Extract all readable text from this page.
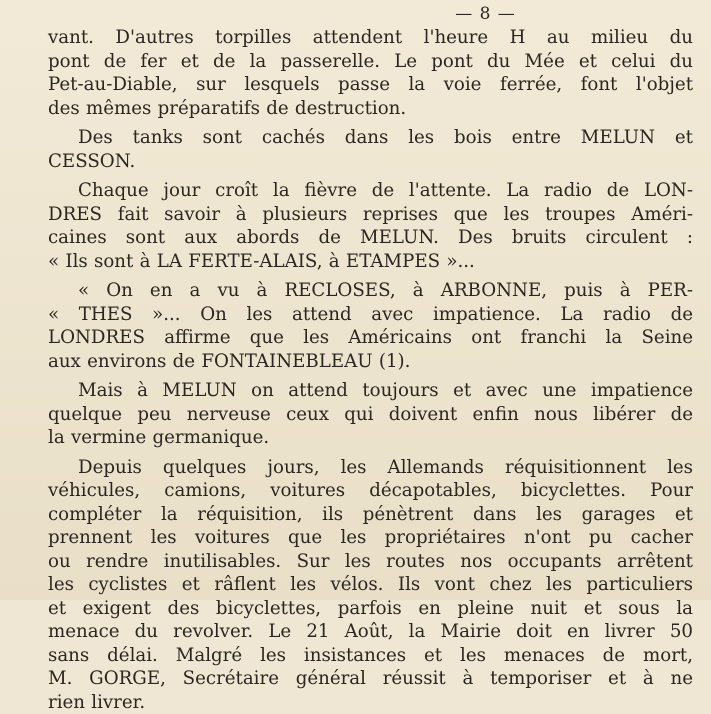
— 8 —
vant. D'autres torpilles attendent l'heure H au milieu du
pont de fer et de la passerelle. Le pont du Mée et celui du
Pet-au-Diable, sur lesquels passe la voie ferrée, font l'objet
des mêmes préparatifs de destruction.
Des tanks sont cachés dans les bois entre MELUN et
CESSON.
Chaque jour croît la fièvre de l'attente. La radio de LON-
DRES fait savoir à plusieurs reprises que les troupes Améri-
caines sont aux abords de MELUN. Des bruits circulent :
« Ils sont à LA FERTE-ALAIS, à ETAMPES »...
« On en a vu à RECLOSES, à ARBONNE, puis à PER-
« THES »... On les attend avec impatience. La radio de
LONDRES affirme que les Américains ont franchi la Seine
aux environs de FONTAINEBLEAU (1).
Mais à MELUN on attend toujours et avec une impatience
quelque peu nerveuse ceux qui doivent enfin nous libérer de
la vermine germanique.
Depuis quelques jours, les Allemands réquisitionnent les
véhicules, camions, voitures décapotables, bicyclettes. Pour
compléter la réquisition, ils pénètrent dans les garages et
prennent les voitures que les propriétaires n'ont pu cacher
ou rendre inutilisables. Sur les routes nos occupants arrêtent
les cyclistes et râflent les vélos. Ils vont chez les particuliers
et exigent des bicyclettes, parfois en pleine nuit et sous la
menace du revolver. Le 21 Août, la Mairie doit en livrer 50
sans délai. Malgré les insistances et les menaces de mort,
M. GORGE, Secrétaire général réussit à temporiser et à ne
rien livrer.
